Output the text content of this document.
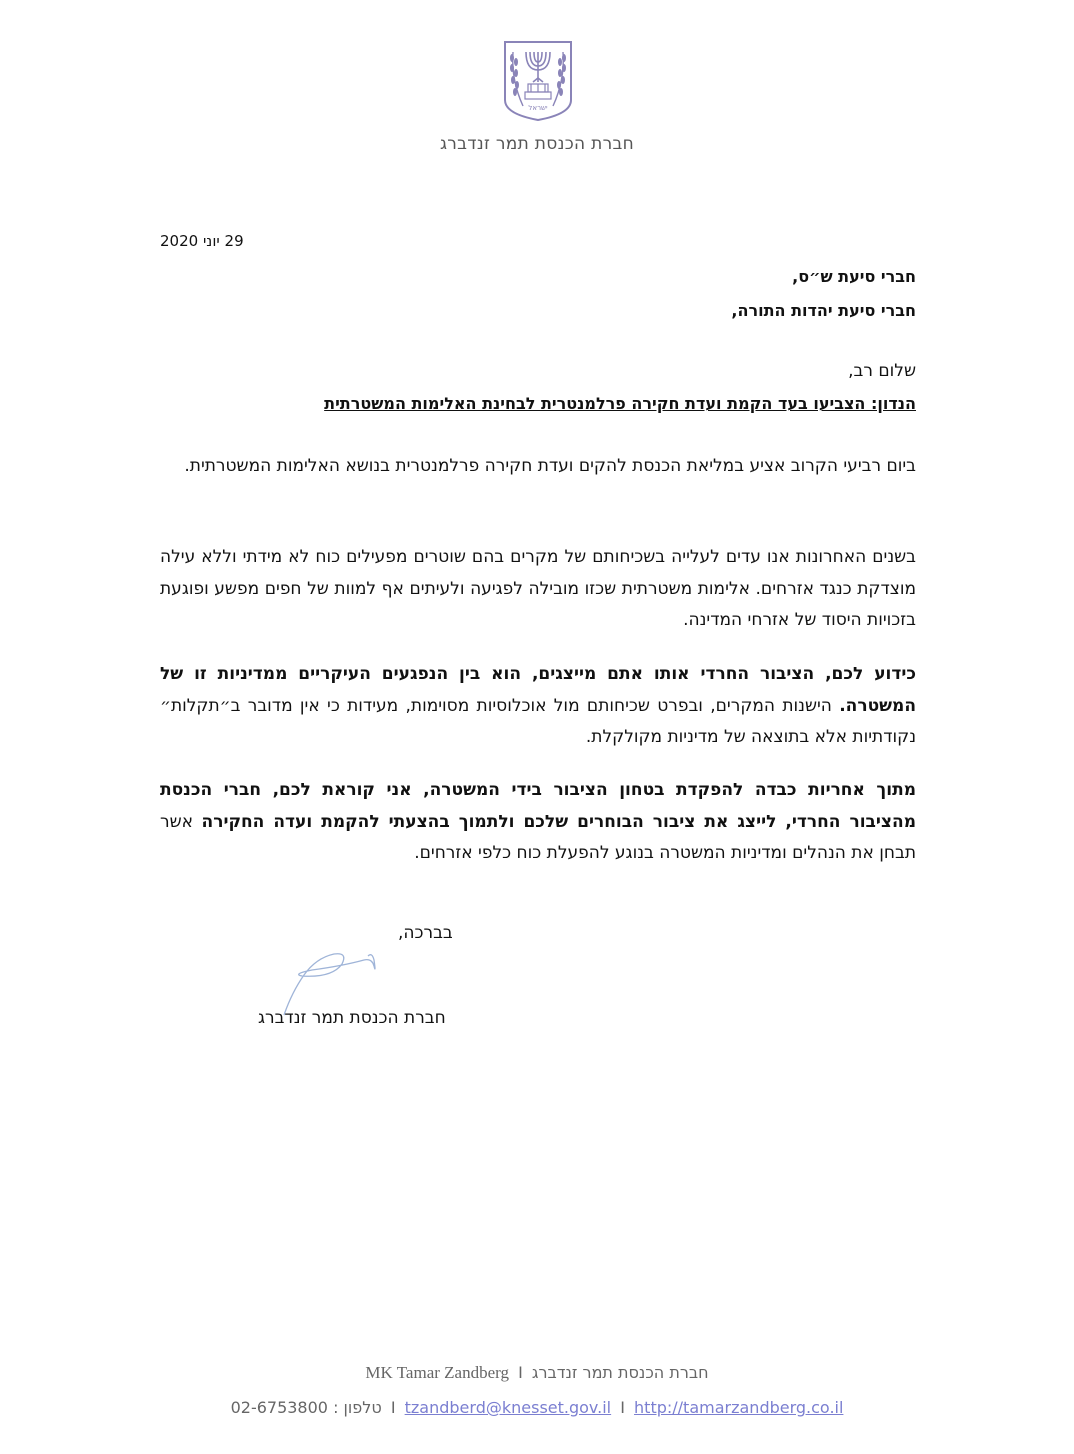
ישראל
חברת הכנסת תמר זנדברג
29 יוני 2020
חברי סיעת ש״ס,
חברי סיעת יהדות התורה,
שלום רב,
הנדון: הצביעו בעד הקמת ועדת חקירה פרלמנטרית לבחינת האלימות המשטרתית
ביום רביעי הקרוב אציע במליאת הכנסת להקים ועדת חקירה פרלמנטרית בנושא האלימות המשטרתית.
בשנים האחרונות אנו עדים לעלייה בשכיחותם של מקרים בהם שוטרים מפעילים כוח לא מידתי וללא עילה מוצדקת כנגד אזרחים. אלימות משטרתית שכזו מובילה לפגיעה ולעיתים אף למוות של חפים מפשע ופוגעת בזכויות היסוד של אזרחי המדינה.
כידוע לכם, הציבור החרדי אותו אתם מייצגים, הוא בין הנפגעים העיקריים ממדיניות זו של המשטרה. הישנות המקרים, ובפרט שכיחותם מול אוכלוסיות מסוימות, מעידות כי אין מדובר ב״תקלות״ נקודתיות אלא בתוצאה של מדיניות מקולקלת.
מתוך אחריות כבדה להפקדת בטחון הציבור בידי המשטרה, אני קוראת לכם, חברי הכנסת מהציבור החרדי, לייצג את ציבור הבוחרים שלכם ולתמוך בהצעתי להקמת ועדה החקירה אשר תבחן את הנהלים ומדיניות המשטרה בנוגע להפעלת כוח כלפי אזרחים.
בברכה,
חברת הכנסת תמר זנדברג
MK Tamar Zandberg I חברת הכנסת תמר זנדברג
02-6753800 טלפון : I tzandberd@knesset.gov.il I http://tamarzandberg.co.il
